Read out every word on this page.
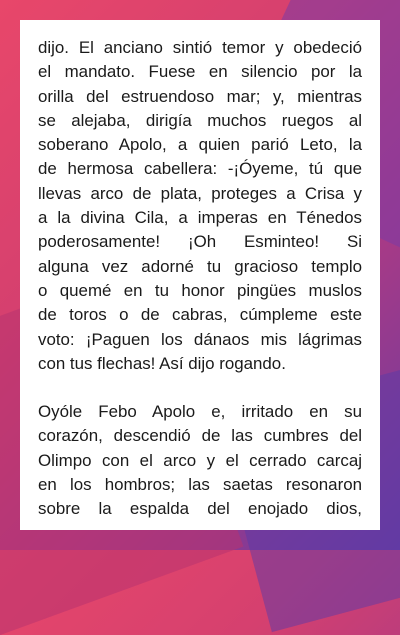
dijo. El anciano sintió temor y obedeció
el mandato. Fuese en silencio por la
orilla del estruendoso mar; y, mientras
se alejaba, dirigía muchos ruegos al
soberano Apolo, a quien parió Leto, la
de hermosa cabellera: -¡Óyeme, tú que
llevas arco de plata, proteges a Crisa y
a la divina Cila, a imperas en Ténedos
poderosamente! ¡Oh Esminteo! Si
alguna vez adorné tu gracioso templo
o quemé en tu honor pingües muslos
de toros o de cabras, cúmpleme este
voto: ¡Paguen los dánaos mis lágrimas
con tus flechas! Así dijo rogando.

Oyóle Febo Apolo e, irritado en su
corazón, descendió de las cumbres del
Olimpo con el arco y el cerrado carcaj
en los hombros; las saetas resonaron
sobre la espalda del enojado dios,
